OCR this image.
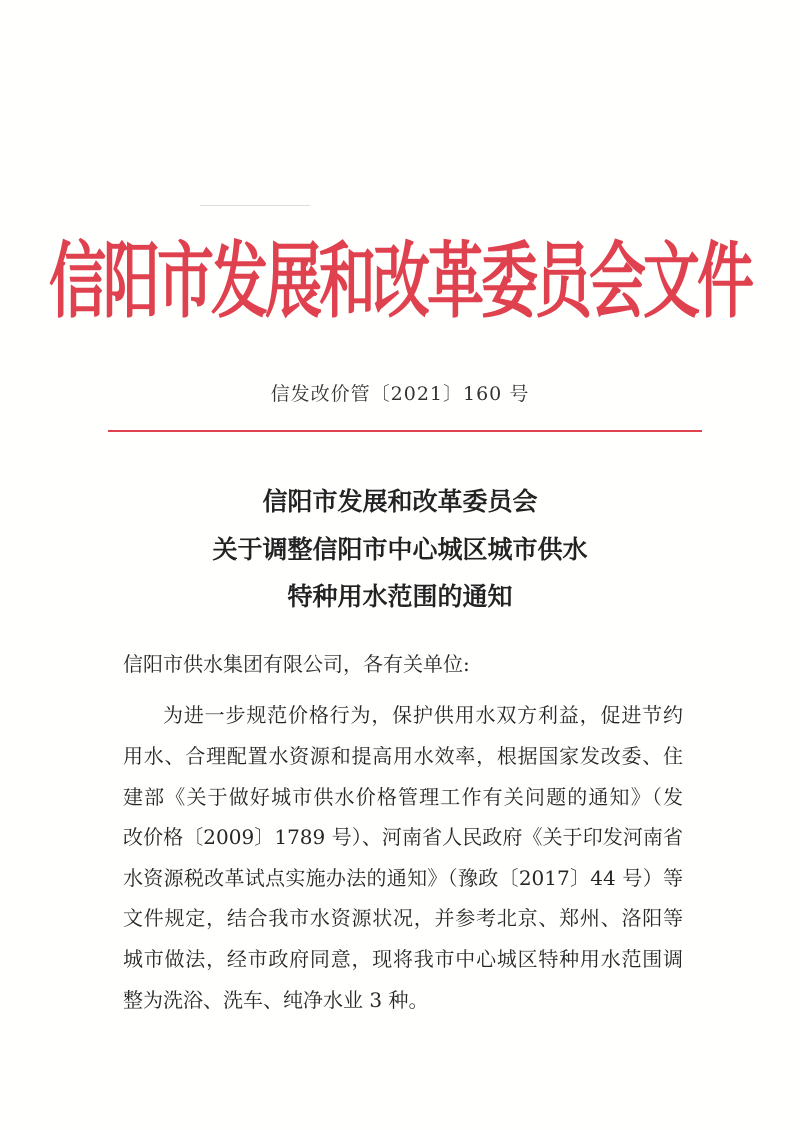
信阳市发展和改革委员会文件
信发改价管〔2021〕160 号
信阳市发展和改革委员会
关于调整信阳市中心城区城市供水
特种用水范围的通知
信阳市供水集团有限公司，各有关单位:
为进一步规范价格行为，保护供用水双方利益，促进节约
用水、合理配置水资源和提高用水效率，根据国家发改委、住
建部《关于做好城市供水价格管理工作有关问题的通知》（发
改价格〔2009〕1789 号）、河南省人民政府《关于印发河南省
水资源税改革试点实施办法的通知》（豫政〔2017〕44 号）等
文件规定，结合我市水资源状况，并参考北京、郑州、洛阳等
城市做法，经市政府同意，现将我市中心城区特种用水范围调
整为洗浴、洗车、纯净水业 3 种。
